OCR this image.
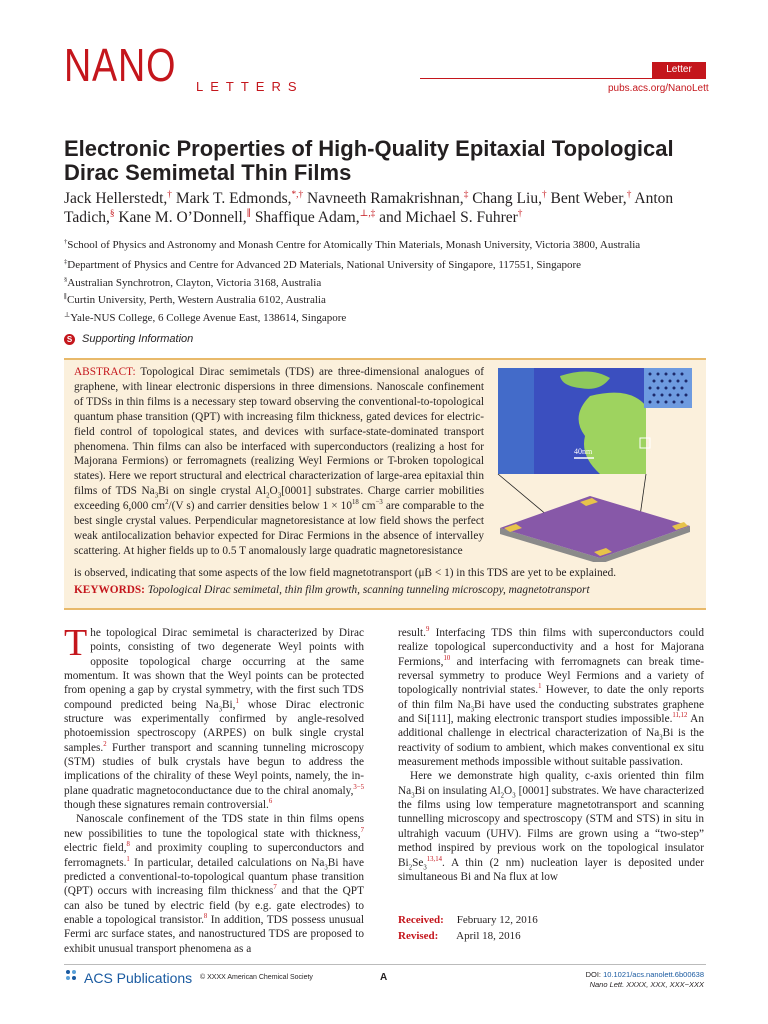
NANO LETTERS
Letter
pubs.acs.org/NanoLett
Electronic Properties of High-Quality Epitaxial Topological Dirac Semimetal Thin Films
Jack Hellerstedt,† Mark T. Edmonds,*,† Navneeth Ramakrishnan,‡ Chang Liu,† Bent Weber,† Anton Tadich,§ Kane M. O’Donnell,∥ Shaffique Adam,⊥,‡ and Michael S. Fuhrer†
†School of Physics and Astronomy and Monash Centre for Atomically Thin Materials, Monash University, Victoria 3800, Australia
‡Department of Physics and Centre for Advanced 2D Materials, National University of Singapore, 117551, Singapore
§Australian Synchrotron, Clayton, Victoria 3168, Australia
∥Curtin University, Perth, Western Australia 6102, Australia
⊥Yale-NUS College, 6 College Avenue East, 138614, Singapore
S Supporting Information
ABSTRACT: Topological Dirac semimetals (TDS) are three-dimensional analogues of graphene, with linear electronic dispersions in three dimensions. Nanoscale confinement of TDSs in thin films is a necessary step toward observing the conventional-to-topological quantum phase transition (QPT) with increasing film thickness, gated devices for electric-field control of topological states, and devices with surface-state-dominated transport phenomena. Thin films can also be interfaced with superconductors (realizing a host for Majorana Fermions) or ferromagnets (realizing Weyl Fermions or T-broken topological states). Here we report structural and electrical characterization of large-area epitaxial thin films of TDS $Na_3Bi$ on single crystal $Al_2O_3[0001]$ substrates. Charge carrier mobilities exceeding 6,000 $cm^2/(V$ s) and carrier densities below $1 \times 10^{18}$ $cm^{-3}$ are comparable to the best single crystal values. Perpendicular magnetoresistance at low field shows the perfect weak antilocalization behavior expected for Dirac Fermions in the absence of intervalley scattering. At higher fields up to 0.5 T anomalously large quadratic magnetoresistance
is observed, indicating that some aspects of the low field magnetotransport (μB < 1) in this TDS are yet to be explained.
KEYWORDS: Topological Dirac semimetal, thin film growth, scanning tunneling microscopy, magnetotransport
40nm
T he topological Dirac semimetal is characterized by Dirac points, consisting of two degenerate Weyl points with opposite topological charge occurring at the same momentum. It was shown that the Weyl points can be protected from opening a gap by crystal symmetry, with the first such TDS compound predicted being $Na_3Bi,^1$ whose Dirac electronic structure was experimentally confirmed by angle-resolved photoemission spectroscopy (ARPES) on bulk single crystal samples.$^2$ Further transport and scanning tunneling microscopy (STM) studies of bulk crystals have begun to address the implications of the chirality of these Weyl points, namely, the in-plane quadratic magnetoconductance due to the chiral anomaly,$^{3-5}$ though these signatures remain controversial.$^6$
Nanoscale confinement of the TDS state in thin films opens new possibilities to tune the topological state with thickness,$^7$ electric field,$^8$ and proximity coupling to superconductors and ferromagnets.$^1$ In particular, detailed calculations on $Na_3Bi$ have predicted a conventional-to-topological quantum phase transition (QPT) occurs with increasing film thickness$^7$ and that the QPT can also be tuned by electric field (by e.g. gate electrodes) to enable a topological transistor.$^8$ In addition, TDS possess unusual Fermi arc surface states, and nanostructured TDS are proposed to exhibit unusual transport phenomena as a
result.$^9$ Interfacing TDS thin films with superconductors could realize topological superconductivity and a host for Majorana Fermions,$^{10}$ and interfacing with ferromagnets can break time-reversal symmetry to produce Weyl Fermions and a variety of topologically nontrivial states.$^1$ However, to date the only reports of thin film $Na_3Bi$ have used the conducting substrates graphene and Si[111], making electronic transport studies impossible.$^{11,12}$ An additional challenge in electrical characterization of $Na_3Bi$ is the reactivity of sodium to ambient, which makes conventional ex situ measurement methods impossible without suitable passivation.
Here we demonstrate high quality, c-axis oriented thin film $Na_3Bi$ on insulating $Al_2O_3$ [0001] substrates. We have characterized the films using low temperature magnetotransport and scanning tunnelling microscopy and spectroscopy (STM and STS) in situ in ultrahigh vacuum (UHV). Films are grown using a “two-step” method inspired by previous work on the topological insulator $Bi_2Se_3^{13,14}$. A thin (2 nm) nucleation layer is deposited under simultaneous Bi and Na flux at low
Received: February 12, 2016
Revised: April 18, 2016
ACS Publications © XXXX American Chemical Society	A	DOI: 10.1021/acs.nanolett.6b00638
Nano Lett. XXXX, XXX, XXX−XXX
